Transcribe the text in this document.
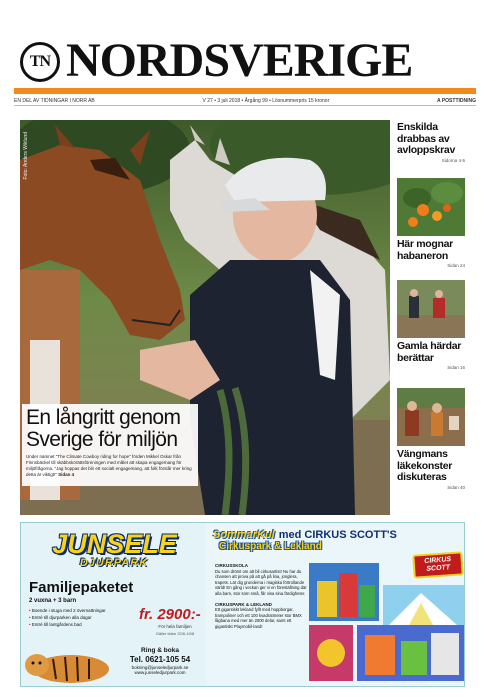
TN NORDSVERIGE
EN DEL AV TIDNINGAR I NORR AB	V 27 • 3 juli 2018 • Årgång 99 • Lösnummerpris 15 kronor	A POSTTIDNING
Foto: Anders Wiklund
En långritt genom Sverige för miljön
Under namnet "The Climate Cowboy riding for hope" förden Mikkel Oskar från Finnsbäckel till skäbbskörättsföreningen med målet att skapa engagemang för miljöfrågorna. "Jag hoppas det blir ett socialt engagemang, att folk förstår mer kring detta är viktigt!" Sidan 4
Enskilda drabbas av avloppskrav
Sidorna 4-5
Här mognar habaneron
Sidan 24
Gamla härdar berättar
Sidan 16
Vängmans läkekonster diskuteras
Sidan 40
JUNSELE
DJURPARK
Familjepaketet
2 vuxna + 3 barn
• Boende i stuga med 2 övernattningar
• Entré till djurparken alla dagar
• Entré till lantgårdens bad
fr. 2900:-
För hela familjen
Gäller tiden 22/6-10/8
Ring & boka
Tel. 0621-105 54
bokning@junseledjurpark.se
www.junseledjurpark.com
SommarKul med CIRKUS SCOTT'S
Cirkuspark & Lekland
CIRKUSSKOLA
Du som drömt om att bli cirkusartist! Nu har du chansen att prova på att gå på lina, jonglera, trapets. Lär dig grunderna i magiska förtrollande värld! En gång i veckan ger vi en föreställning där alla barn, stor som små, får visa sina färdigheter.
CIRKUSPARK & LEKLAND
Ett gigantiskt lekland fyllt med hoppborgar, trampoliner och ett 100 kvadratmeter stor BMX lågbana med mer än 2000 delar, samt ett gigantiskt Playmobil-land!
CIRKUS
SCOTT
